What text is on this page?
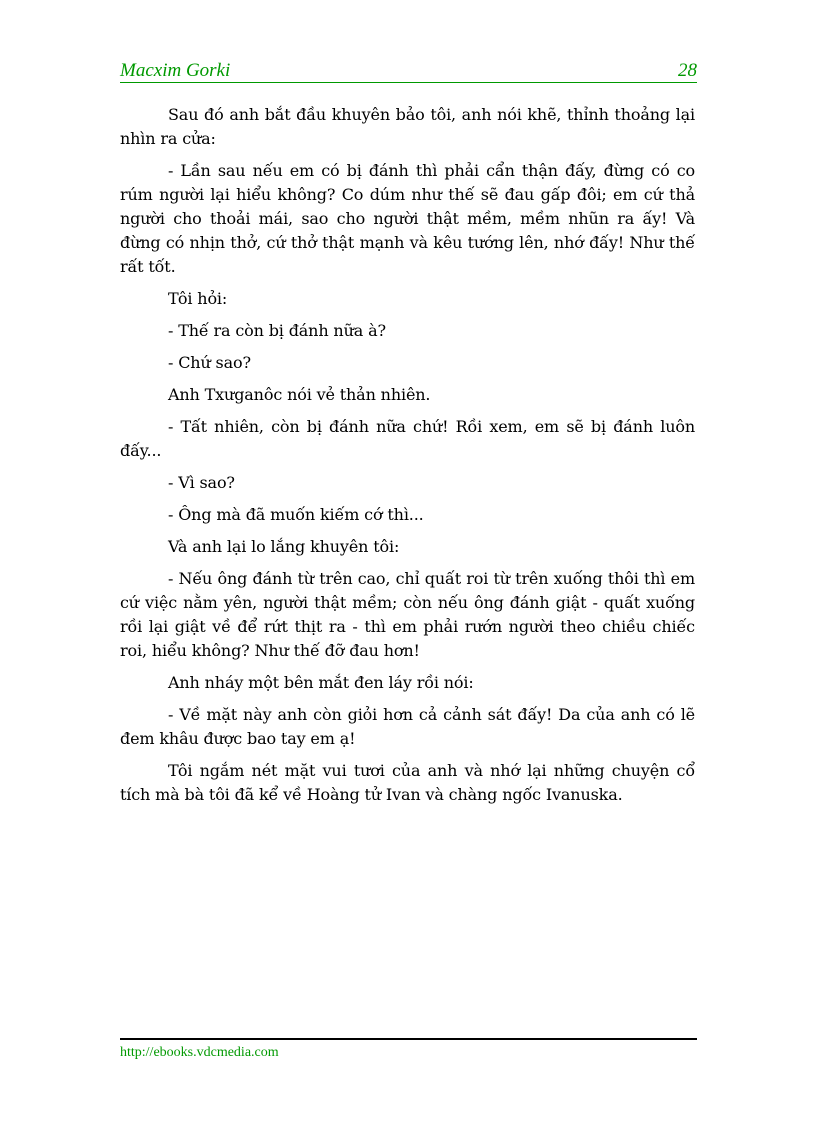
Macxim Gorki	28

Sau đó anh bắt đầu khuyên bảo tôi, anh nói khẽ, thỉnh thoảng lại nhìn ra cửa:

- Lần sau nếu em có bị đánh thì phải cẩn thận đấy, đừng có co rúm người lại hiểu không? Co dúm như thế sẽ đau gấp đôi; em cứ thả người cho thoải mái, sao cho người thật mềm, mềm nhũn ra ấy! Và đừng có nhịn thở, cứ thở thật mạnh và kêu tướng lên, nhớ đấy! Như thế rất tốt.

Tôi hỏi:

- Thế ra còn bị đánh nữa à?

- Chứ sao?

Anh Txưganôc nói vẻ thản nhiên.

- Tất nhiên, còn bị đánh nữa chứ! Rồi xem, em sẽ bị đánh luôn đấy...

- Vì sao?

- Ông mà đã muốn kiếm cớ thì...

Và anh lại lo lắng khuyên tôi:

- Nếu ông đánh từ trên cao, chỉ quất roi từ trên xuống thôi thì em cứ việc nằm yên, người thật mềm; còn nếu ông đánh giật - quất xuống rồi lại giật về để rứt thịt ra - thì em phải rướn người theo chiều chiếc roi, hiểu không? Như thế đỡ đau hơn!

Anh nháy một bên mắt đen láy rồi nói:

- Về mặt này anh còn giỏi hơn cả cảnh sát đấy! Da của anh có lẽ đem khâu được bao tay em ạ!

Tôi ngắm nét mặt vui tươi của anh và nhớ lại những chuyện cổ tích mà bà tôi đã kể về Hoàng tử Ivan và chàng ngốc Ivanuska.

http://ebooks.vdcmedia.com
